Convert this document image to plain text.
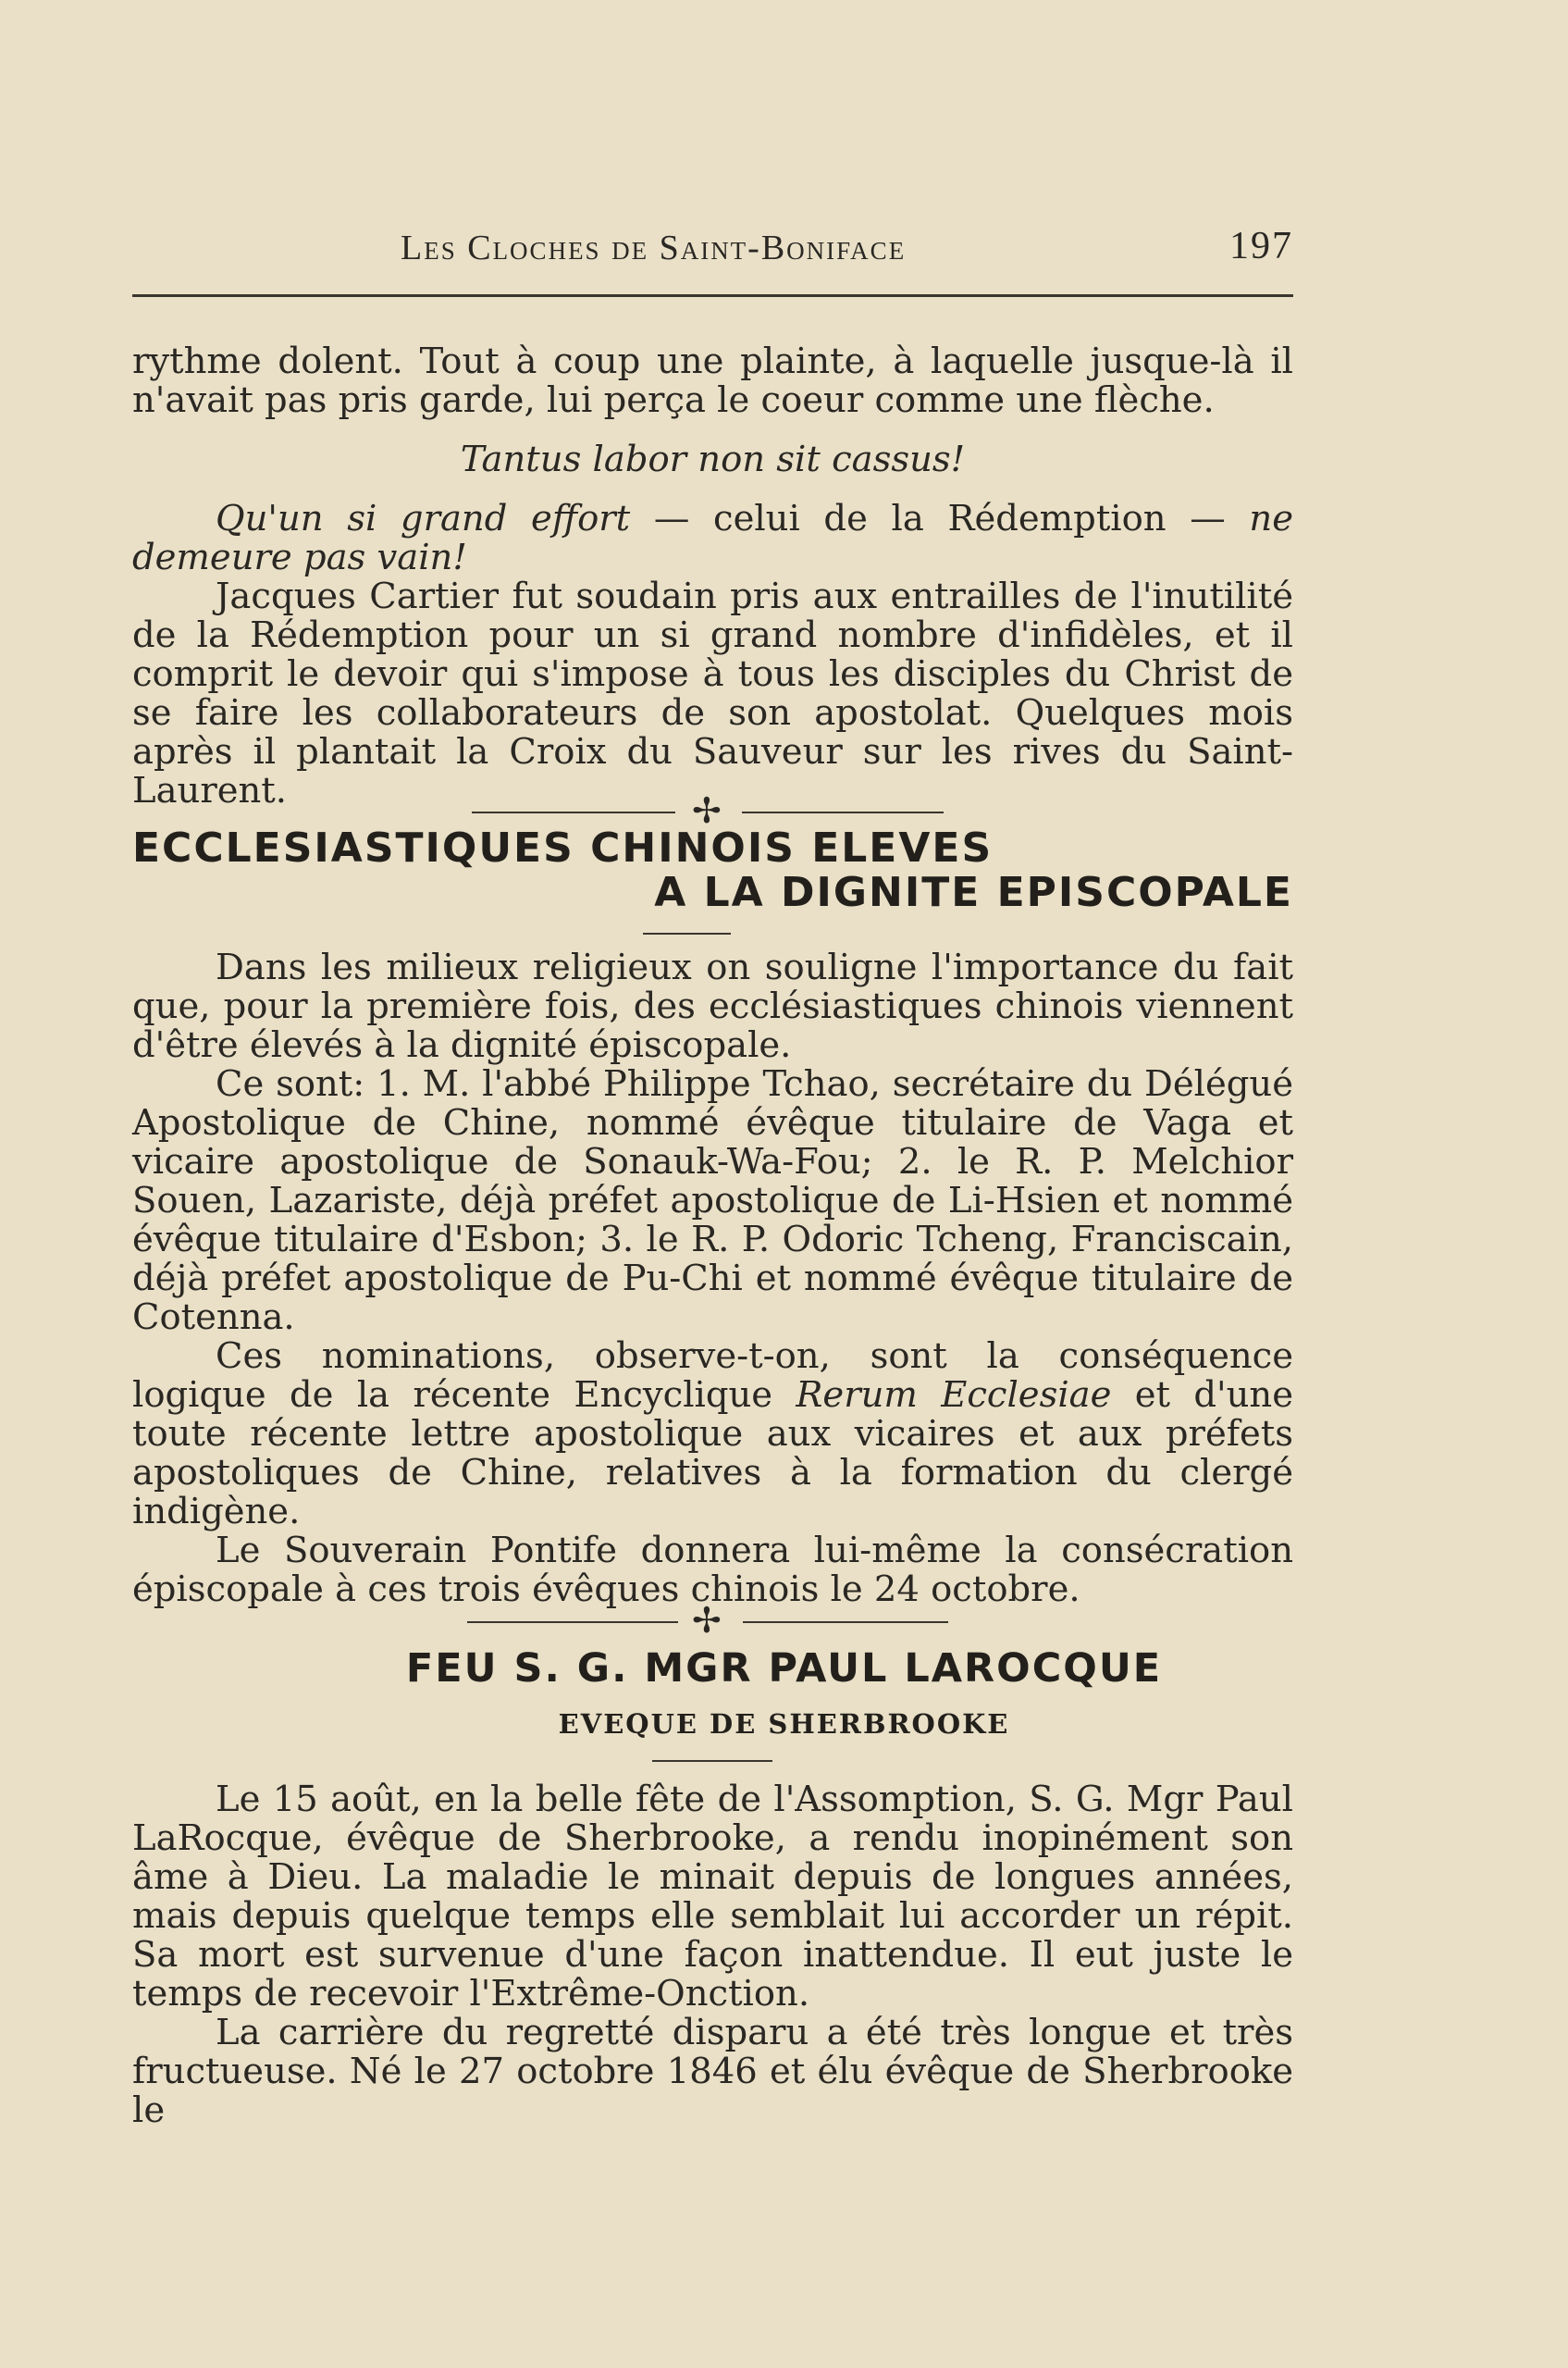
Les Cloches de Saint-Boniface	197

rythme dolent. Tout à coup une plainte, à laquelle jusque-là il n'avait pas pris garde, lui perça le coeur comme une flèche.

Tantus labor non sit cassus!

Qu'un si grand effort — celui de la Rédemption — ne demeure pas vain!

Jacques Cartier fut soudain pris aux entrailles de l'inutilité de la Rédemption pour un si grand nombre d'infidèles, et il comprit le devoir qui s'impose à tous les disciples du Christ de se faire les collaborateurs de son apostolat. Quelques mois après il plantait la Croix du Sauveur sur les rives du Saint-Laurent.	✢
ECCLESIASTIQUES CHINOIS ELEVES
A LA DIGNITE EPISCOPALE

Dans les milieux religieux on souligne l'importance du fait que, pour la première fois, des ecclésiastiques chinois viennent d'être élevés à la dignité épiscopale.

Ce sont: 1. M. l'abbé Philippe Tchao, secrétaire du Délégué Apostolique de Chine, nommé évêque titulaire de Vaga et vicaire apostolique de Sonauk-Wa-Fou; 2. le R. P. Melchior Souen, Lazariste, déjà préfet apostolique de Li-Hsien et nommé évêque titulaire d'Esbon; 3. le R. P. Odoric Tcheng, Franciscain, déjà préfet apostolique de Pu-Chi et nommé évêque titulaire de Cotenna.

Ces nominations, observe-t-on, sont la conséquence logique de la récente Encyclique Rerum Ecclesiae et d'une toute récente lettre apostolique aux vicaires et aux préfets apostoliques de Chine, relatives à la formation du clergé indigène.

Le Souverain Pontife donnera lui-même la consécration épiscopale à ces trois évêques chinois le 24 octobre.

✢
FEU S. G. MGR PAUL LAROCQUE
EVEQUE DE SHERBROOKE

Le 15 août, en la belle fête de l'Assomption, S. G. Mgr Paul LaRocque, évêque de Sherbrooke, a rendu inopinément son âme à Dieu. La maladie le minait depuis de longues années, mais depuis quelque temps elle semblait lui accorder un répit. Sa mort est survenue d'une façon inattendue. Il eut juste le temps de recevoir l'Extrême-Onction.

La carrière du regretté disparu a été très longue et très fructueuse. Né le 27 octobre 1846 et élu évêque de Sherbrooke le
